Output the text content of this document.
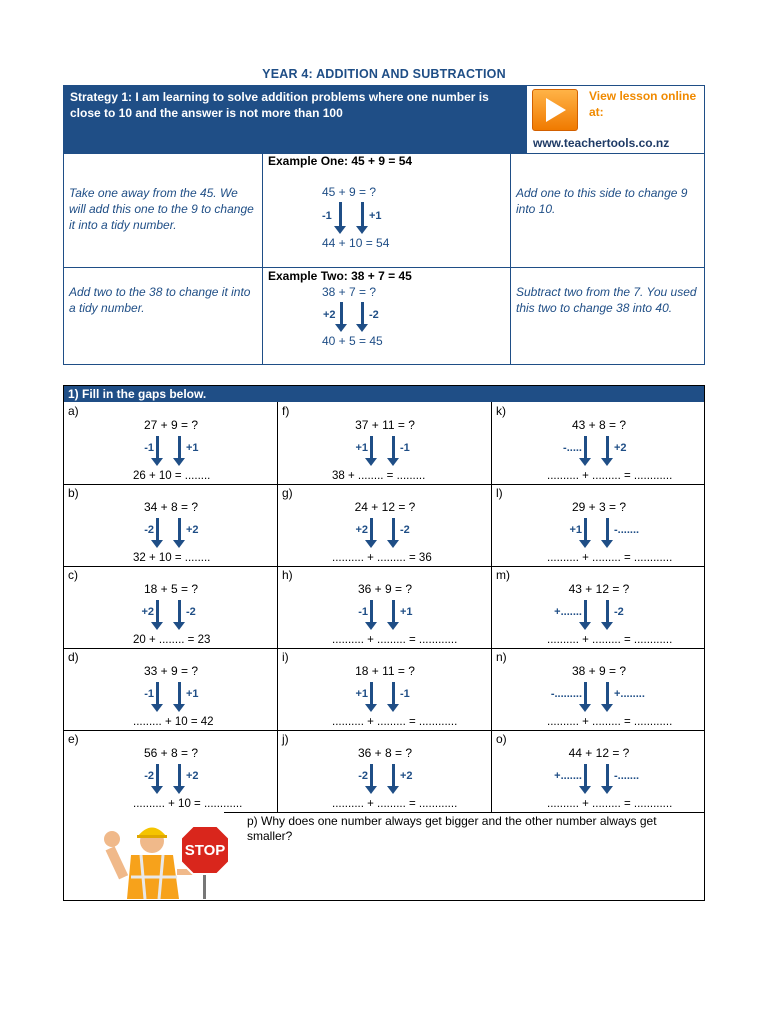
YEAR 4: ADDITION AND SUBTRACTION
Strategy 1: I am learning to solve addition problems where one number is close to 10 and the answer is not more than 100
View lesson online at:
www.teachertools.co.nz
Take one away from the 45. We will add this one to the 9 to change it into a tidy number.
Example One: 45 + 9 = 54
45 + 9 = ?
-1	+1
44 + 10 = 54
Add one to this side to change 9 into 10.
Add two to the 38 to change it into a tidy number.
Example Two: 38 + 7 = 45
38 + 7 = ?
+2	-2
40 + 5 = 45
Subtract two from the 7. You used this two to change 38 into 40.
1) Fill in the gaps below.
a)
27 + 9 = ?
-1	+1
26 + 10 = ........
f)
37 + 11 = ?
+1	-1
38 + ........ = .........
k)
43 + 8 = ?
-.....	+2
.......... + ......... = ............
b)
34 + 8 = ?
-2	+2
32 + 10 = ........
g)
24 + 12 = ?
+2	-2
.......... + ......... = 36
l)
29 + 3 = ?
+1	-.......
.......... + ......... = ............
c)
18 + 5 = ?
+2	-2
20 + ........ = 23
h)
36 + 9 = ?
-1	+1
.......... + ......... = ............
m)
43 + 12 = ?
+.......	-2
.......... + ......... = ............
d)
33 + 9 = ?
-1	+1
......... + 10 = 42
i)
18 + 11 = ?
+1	-1
.......... + ......... = ............
n)
38 + 9 = ?
-.........	+........
.......... + ......... = ............
e)
56 + 8 = ?
-2	+2
.......... + 10 = ............
j)
36 + 8 = ?
-2	+2
.......... + ......... = ............
o)
44 + 12 = ?
+.......	-.......
.......... + ......... = ............
STOP
p) Why does one number always get bigger and the other number always get smaller?
